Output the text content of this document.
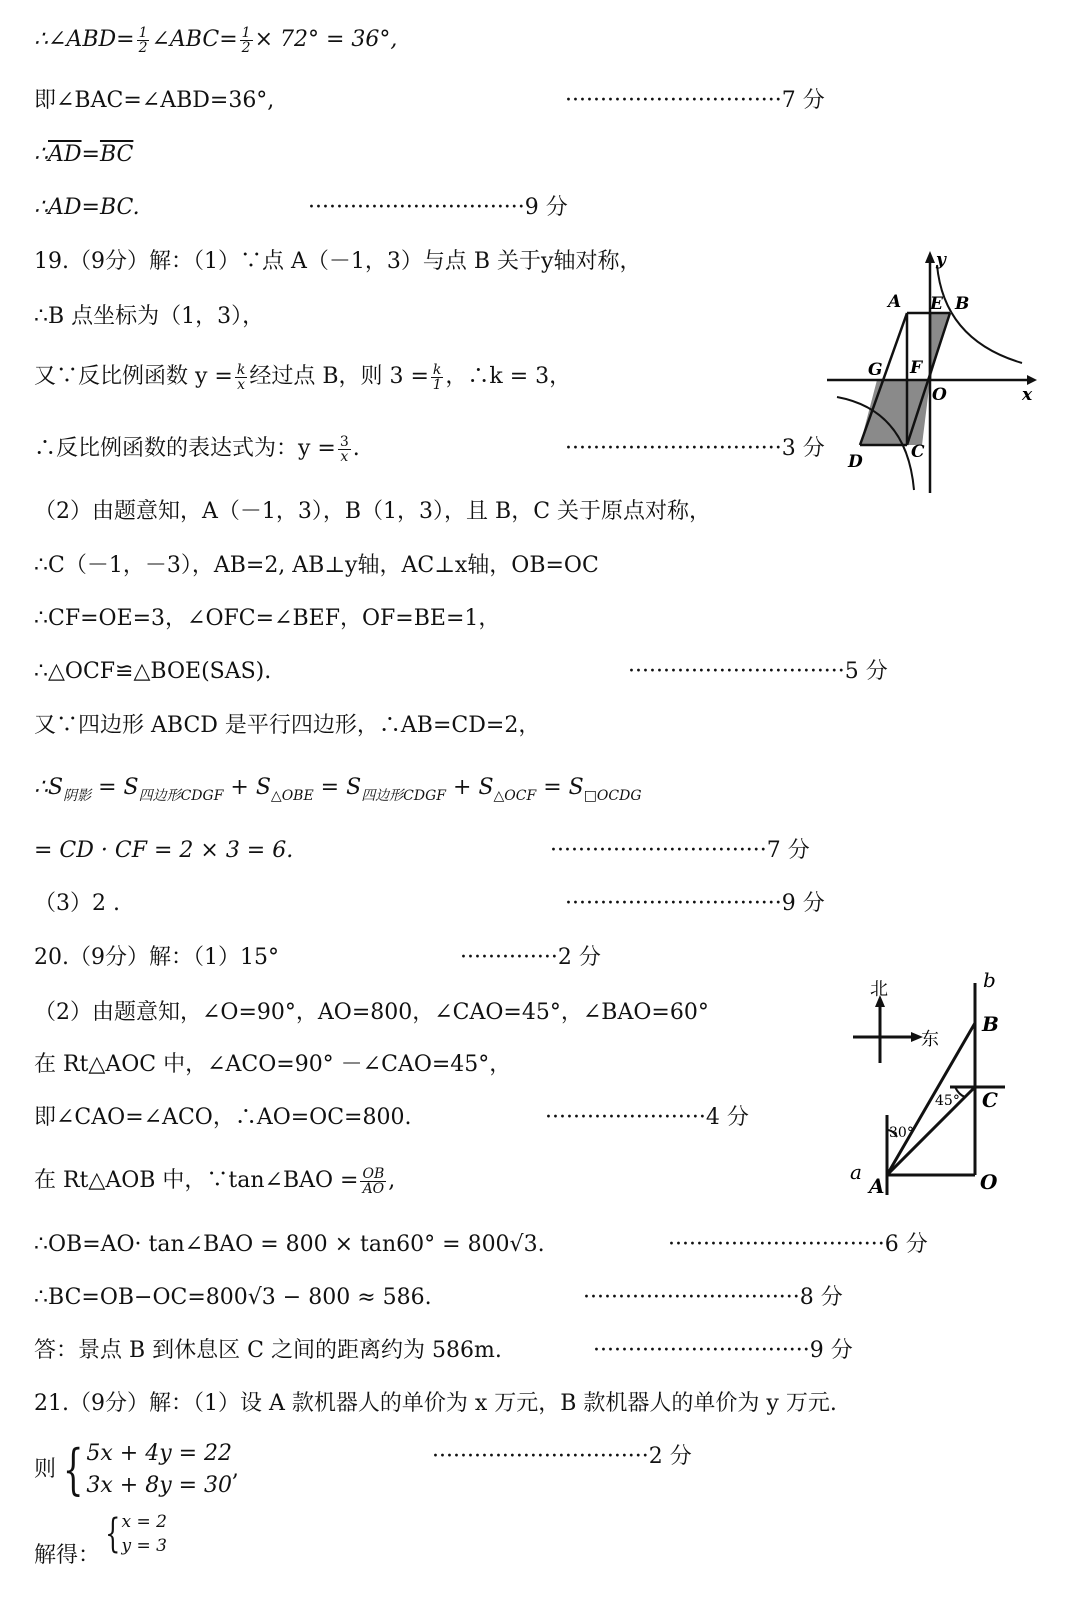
∴∠ABD= $\frac{1}{2}$ ∠ABC= $\frac{1}{2} \times 72^\circ = 36^\circ$,
即∠BAC=∠ABD=36°,	·······························7 分
$\therefore\overline{AD}=\overline{BC}$
∴AD=BC.	·······························9 分
19.（9分）解：（1）∵点 A（－1，3）与点 B 关于y轴对称，
∴B 点坐标为（1，3），
又∵反比例函数 $y = \frac{k}{x}$ 经过点 B，则 $3 = \frac{k}{1}$ ，∴k = 3，
∴反比例函数的表达式为：$y = \frac{3}{x}$ .	·······························3 分
（2）由题意知，A（－1，3），B（1，3），且 B，C 关于原点对称，
∴C（－1，－3），AB=2, AB⊥y轴，AC⊥x轴，OB=OC
∴CF=OE=3，∠OFC=∠BEF，OF=BE=1，
∴△OCF≌△BOE(SAS).	·······························5 分
又∵四边形 ABCD 是平行四边形，∴AB=CD=2，
$\therefore S_{阴影} = S_{四边形CDGF} + S_{\triangle OBE} = S_{四边形CDGF} + S_{\triangle OCF} = S_{□OCDG}$
= CD · CF = 2 × 3 = 6.	·······························7 分
（3）2 .	·······························9 分
A E B
G F
O
C
D
x
y
20.（9分）解：（1）15°	··············2 分
（2）由题意知，∠O=90°，AO=800，∠CAO=45°，∠BAO=60°
在 Rt△AOC 中，∠ACO=90° －∠CAO=45°，
即∠CAO=∠ACO，∴AO=OC=800.	·······················4 分
在 Rt△AOB 中，∵tan∠BAO = $\frac{OB}{AO}$ ,
∴OB=AO· tan∠BAO = 800 × tan60° = 800√3.	·······························6 分
∴BC=OB−OC=800√3 − 800 ≈ 586.	·······························8 分
答：景点 B 到休息区 C 之间的距离约为 586m.	·······························9 分
北
东
a
b
A
B
C
O
30°
45°
21.（9分）解：（1）设 A 款机器人的单价为 x 万元，B 款机器人的单价为 y 万元.
则 { 5x + 4y = 22
3x + 8y = 30
,
·······························2 分
解得： { x = 2
y = 3
